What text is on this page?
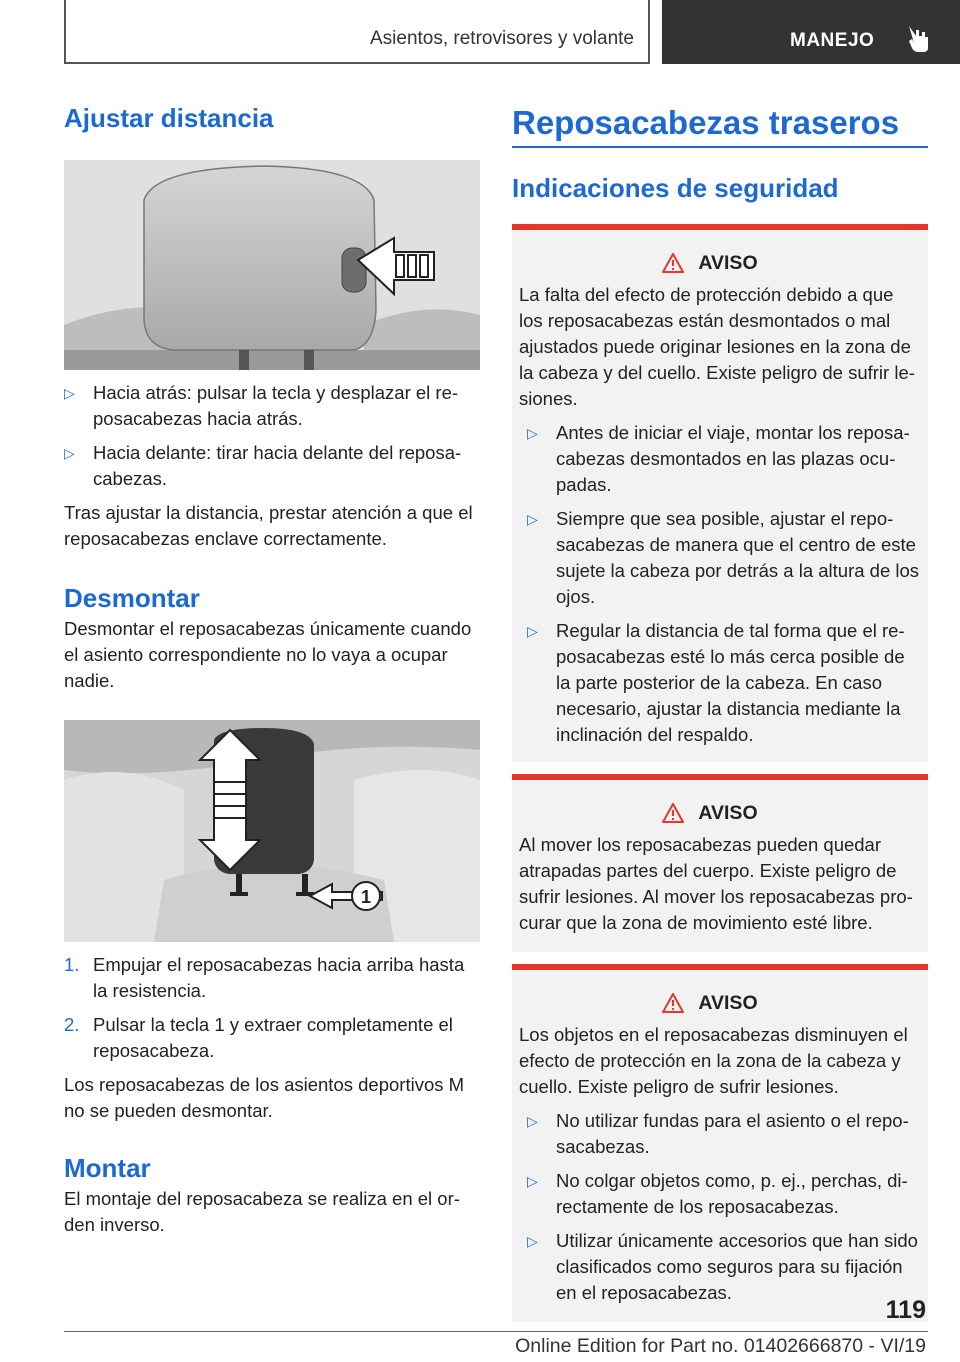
Asientos, retrovisores y volante	MANEJO
Ajustar distancia
▷ Hacia atrás: pulsar la tecla y desplazar el reposacabezas hacia atrás.
▷ Hacia delante: tirar hacia delante del reposacabezas.

Tras ajustar la distancia, prestar atención a que el reposacabezas enclave correctamente.

Desmontar

Desmontar el reposacabezas únicamente cuando el asiento correspondiente no lo vaya a ocupar nadie.

1
1. Empujar el reposacabezas hacia arriba hasta la resistencia.
2. Pulsar la tecla 1 y extraer completamente el reposacabeza.

Los reposacabezas de los asientos deportivos M no se pueden desmontar.

Montar

El montaje del reposacabeza se realiza en el orden inverso.

Reposacabezas traseros
Indicaciones de seguridad
AVISO

La falta del efecto de protección debido a que los reposacabezas están desmontados o mal ajustados puede originar lesiones en la zona de la cabeza y del cuello. Existe peligro de sufrir lesiones.

▷ Antes de iniciar el viaje, montar los reposacabezas desmontados en las plazas ocupadas.
▷ Siempre que sea posible, ajustar el reposacabezas de manera que el centro de este sujete la cabeza por detrás a la altura de los ojos.
▷ Regular la distancia de tal forma que el reposacabezas esté lo más cerca posible de la parte posterior de la cabeza. En caso necesario, ajustar la distancia mediante la inclinación del respaldo.
AVISO

Al mover los reposacabezas pueden quedar atrapadas partes del cuerpo. Existe peligro de sufrir lesiones. Al mover los reposacabezas procurar que la zona de movimiento esté libre.

AVISO

Los objetos en el reposacabezas disminuyen el efecto de protección en la zona de la cabeza y cuello. Existe peligro de sufrir lesiones.

▷ No utilizar fundas para el asiento o el reposacabezas.
▷ No colgar objetos como, p. ej., perchas, directamente de los reposacabezas.
▷ Utilizar únicamente accesorios que han sido clasificados como seguros para su fijación en el reposacabezas.
119
Online Edition for Part no. 01402666870 - VI/19
